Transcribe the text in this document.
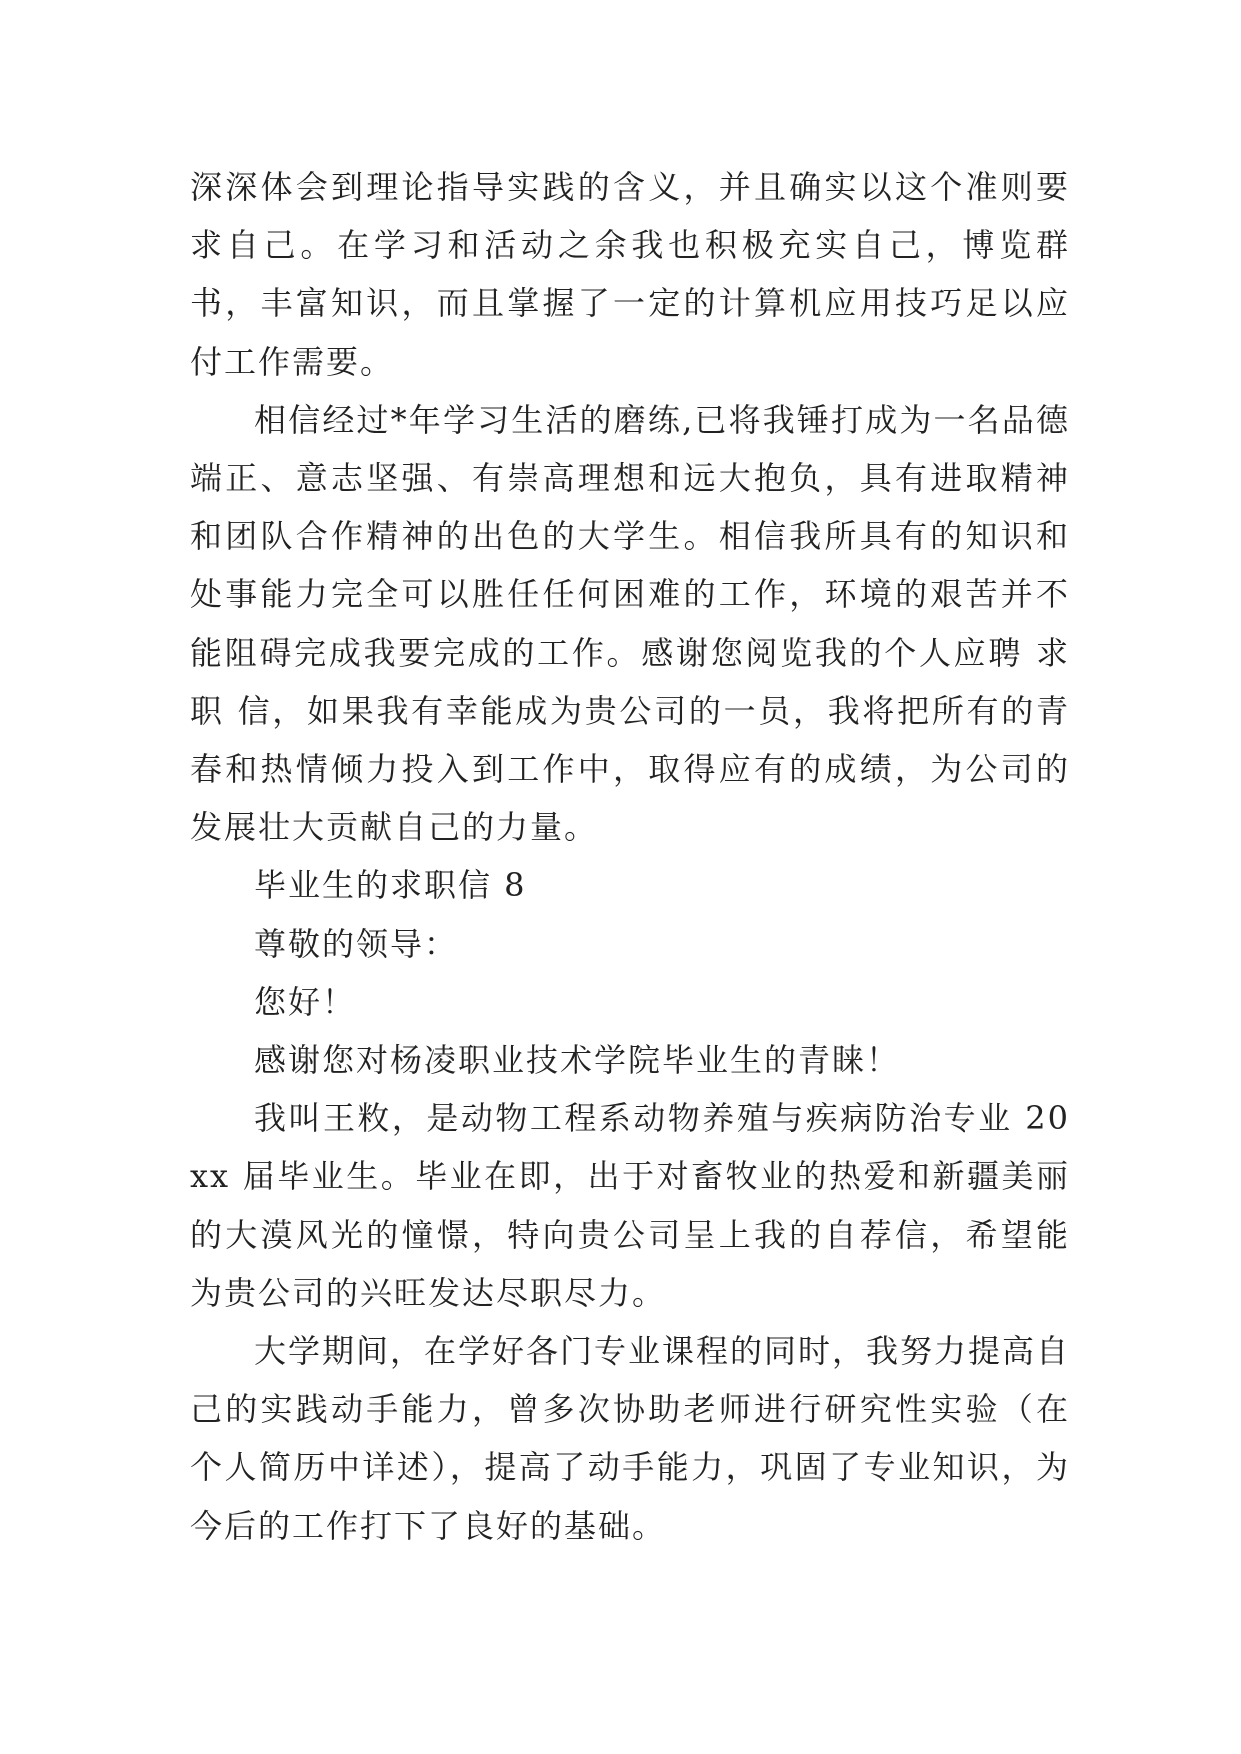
深深体会到理论指导实践的含义，并且确实以这个准则要求自己。在学习和活动之余我也积极充实自己，博览群书，丰富知识，而且掌握了一定的计算机应用技巧足以应付工作需要。

相信经过*年学习生活的磨练,已将我锤打成为一名品德端正、意志坚强、有崇高理想和远大抱负，具有进取精神和团队合作精神的出色的大学生。相信我所具有的知识和处事能力完全可以胜任任何困难的工作，环境的艰苦并不能阻碍完成我要完成的工作。感谢您阅览我的个人应聘 求职 信，如果我有幸能成为贵公司的一员，我将把所有的青春和热情倾力投入到工作中，取得应有的成绩，为公司的发展壮大贡献自己的力量。

毕业生的求职信 8

尊敬的领导：

您好！

感谢您对杨凌职业技术学院毕业生的青睐！

我叫王敉，是动物工程系动物养殖与疾病防治专业 20xx 届毕业生。毕业在即，出于对畜牧业的热爱和新疆美丽的大漠风光的憧憬，特向贵公司呈上我的自荐信，希望能为贵公司的兴旺发达尽职尽力。

大学期间，在学好各门专业课程的同时，我努力提高自己的实践动手能力，曾多次协助老师进行研究性实验（在个人简历中详述），提高了动手能力，巩固了专业知识，为今后的工作打下了良好的基础。
